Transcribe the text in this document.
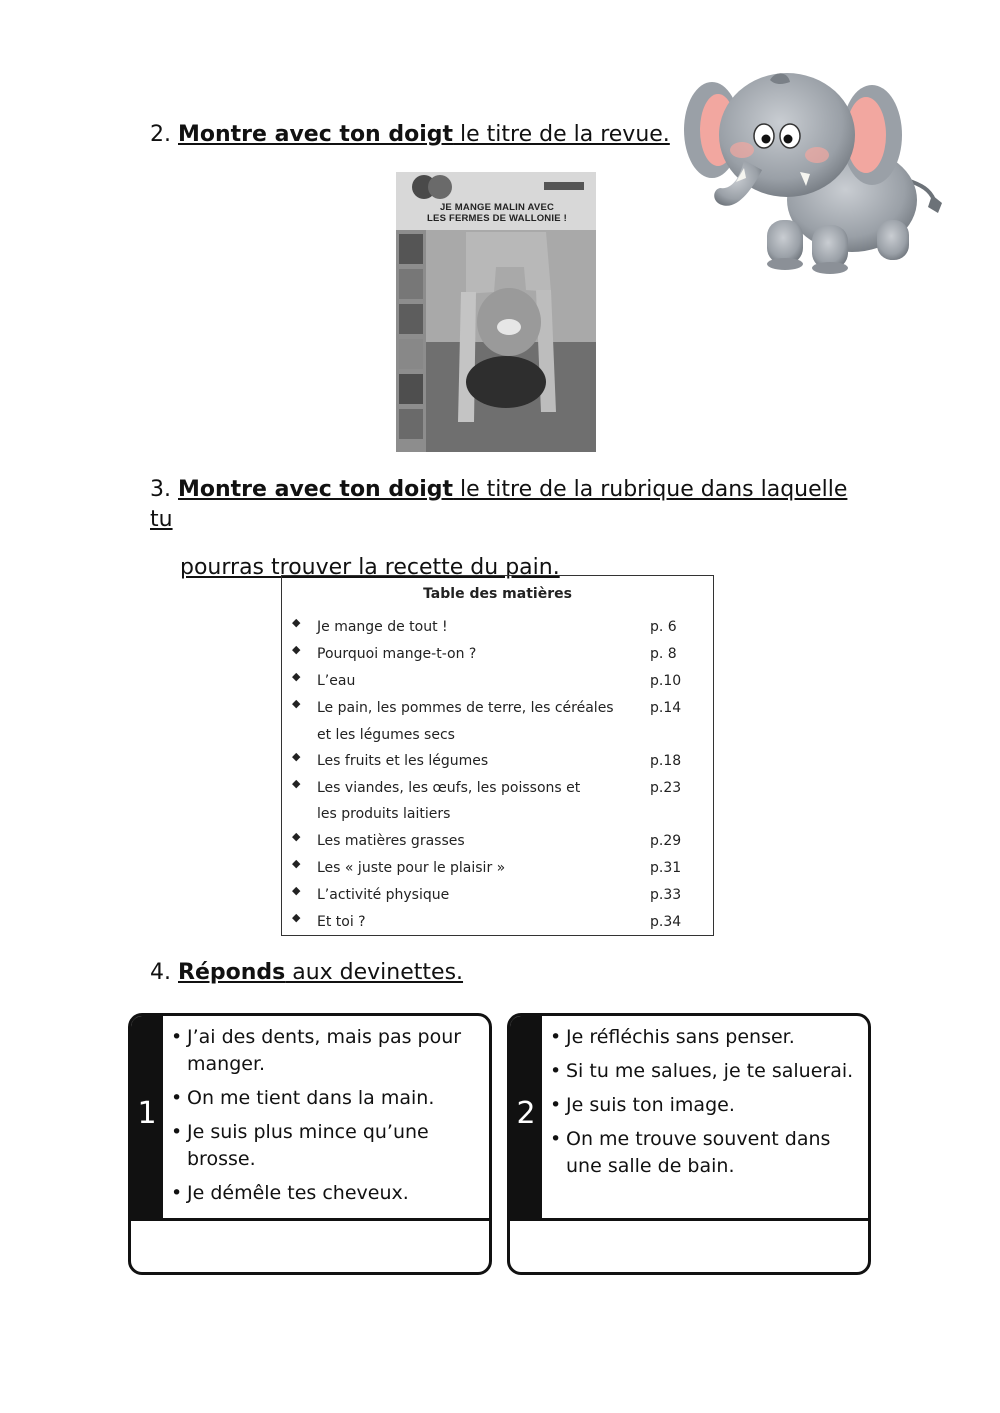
2. Montre avec ton doigt le titre de la revue.
JE MANGE MALIN AVEC
LES FERMES DE WALLONIE !
3. Montre avec ton doigt le titre de la rubrique dans laquelle tu
pourras trouver la recette du pain.
Table des matières
◆ Je mange de tout !	p. 6
◆ Pourquoi mange-t-on ?	p. 8
◆ L’eau	p.10
◆ Le pain, les pommes de terre, les céréales	p.14
et les légumes secs
◆ Les fruits et les légumes	p.18
◆ Les viandes, les œufs, les poissons et	p.23
les produits laitiers
◆ Les matières grasses	p.29
◆ Les « juste pour le plaisir »	p.31
◆ L’activité physique	p.33
◆ Et toi ?	p.34
4. Réponds aux devinettes.
1
• J’ai des dents, mais pas pour manger.
• On me tient dans la main.
• Je suis plus mince qu’une brosse.
• Je démêle tes cheveux.
2
• Je réfléchis sans penser.
• Si tu me salues, je te saluerai.
• Je suis ton image.
• On me trouve souvent dans une salle de bain.
